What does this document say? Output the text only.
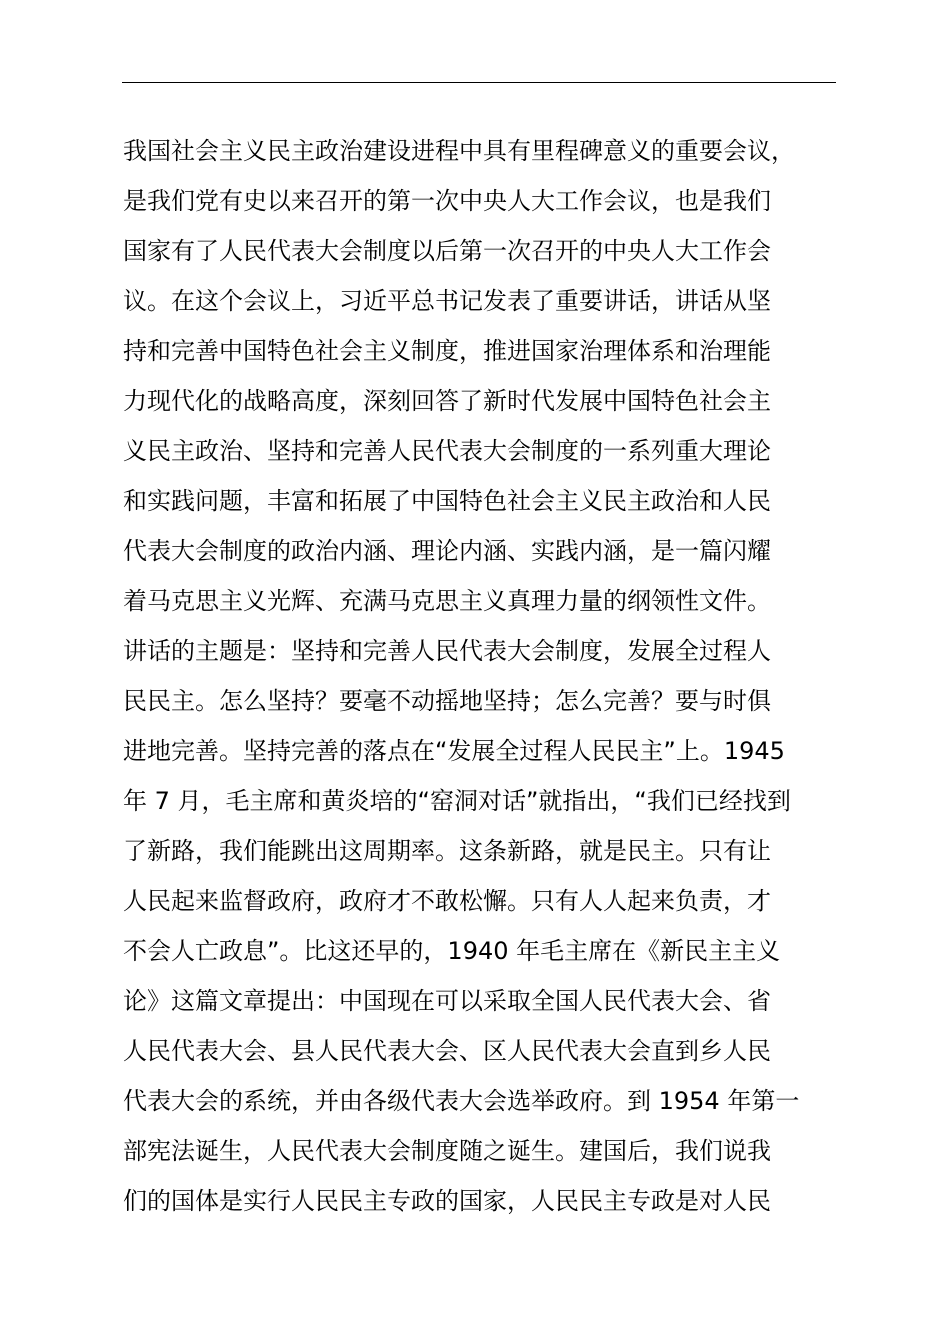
我国社会主义民主政治建设进程中具有里程碑意义的重要会议，
是我们党有史以来召开的第一次中央人大工作会议，也是我们
国家有了人民代表大会制度以后第一次召开的中央人大工作会
议。在这个会议上，习近平总书记发表了重要讲话，讲话从坚
持和完善中国特色社会主义制度，推进国家治理体系和治理能
力现代化的战略高度，深刻回答了新时代发展中国特色社会主
义民主政治、坚持和完善人民代表大会制度的一系列重大理论
和实践问题，丰富和拓展了中国特色社会主义民主政治和人民
代表大会制度的政治内涵、理论内涵、实践内涵，是一篇闪耀
着马克思主义光辉、充满马克思主义真理力量的纲领性文件。
讲话的主题是：坚持和完善人民代表大会制度，发展全过程人
民民主。怎么坚持？要毫不动摇地坚持；怎么完善？要与时俱
进地完善。坚持完善的落点在“发展全过程人民民主”上。1945
年 7 月，毛主席和黄炎培的“窑洞对话”就指出，“我们已经找到
了新路，我们能跳出这周期率。这条新路，就是民主。只有让
人民起来监督政府，政府才不敢松懈。只有人人起来负责，才
不会人亡政息”。比这还早的，1940 年毛主席在《新民主主义
论》这篇文章提出：中国现在可以采取全国人民代表大会、省
人民代表大会、县人民代表大会、区人民代表大会直到乡人民
代表大会的系统，并由各级代表大会选举政府。到 1954 年第一
部宪法诞生，人民代表大会制度随之诞生。建国后，我们说我
们的国体是实行人民民主专政的国家，人民民主专政是对人民
